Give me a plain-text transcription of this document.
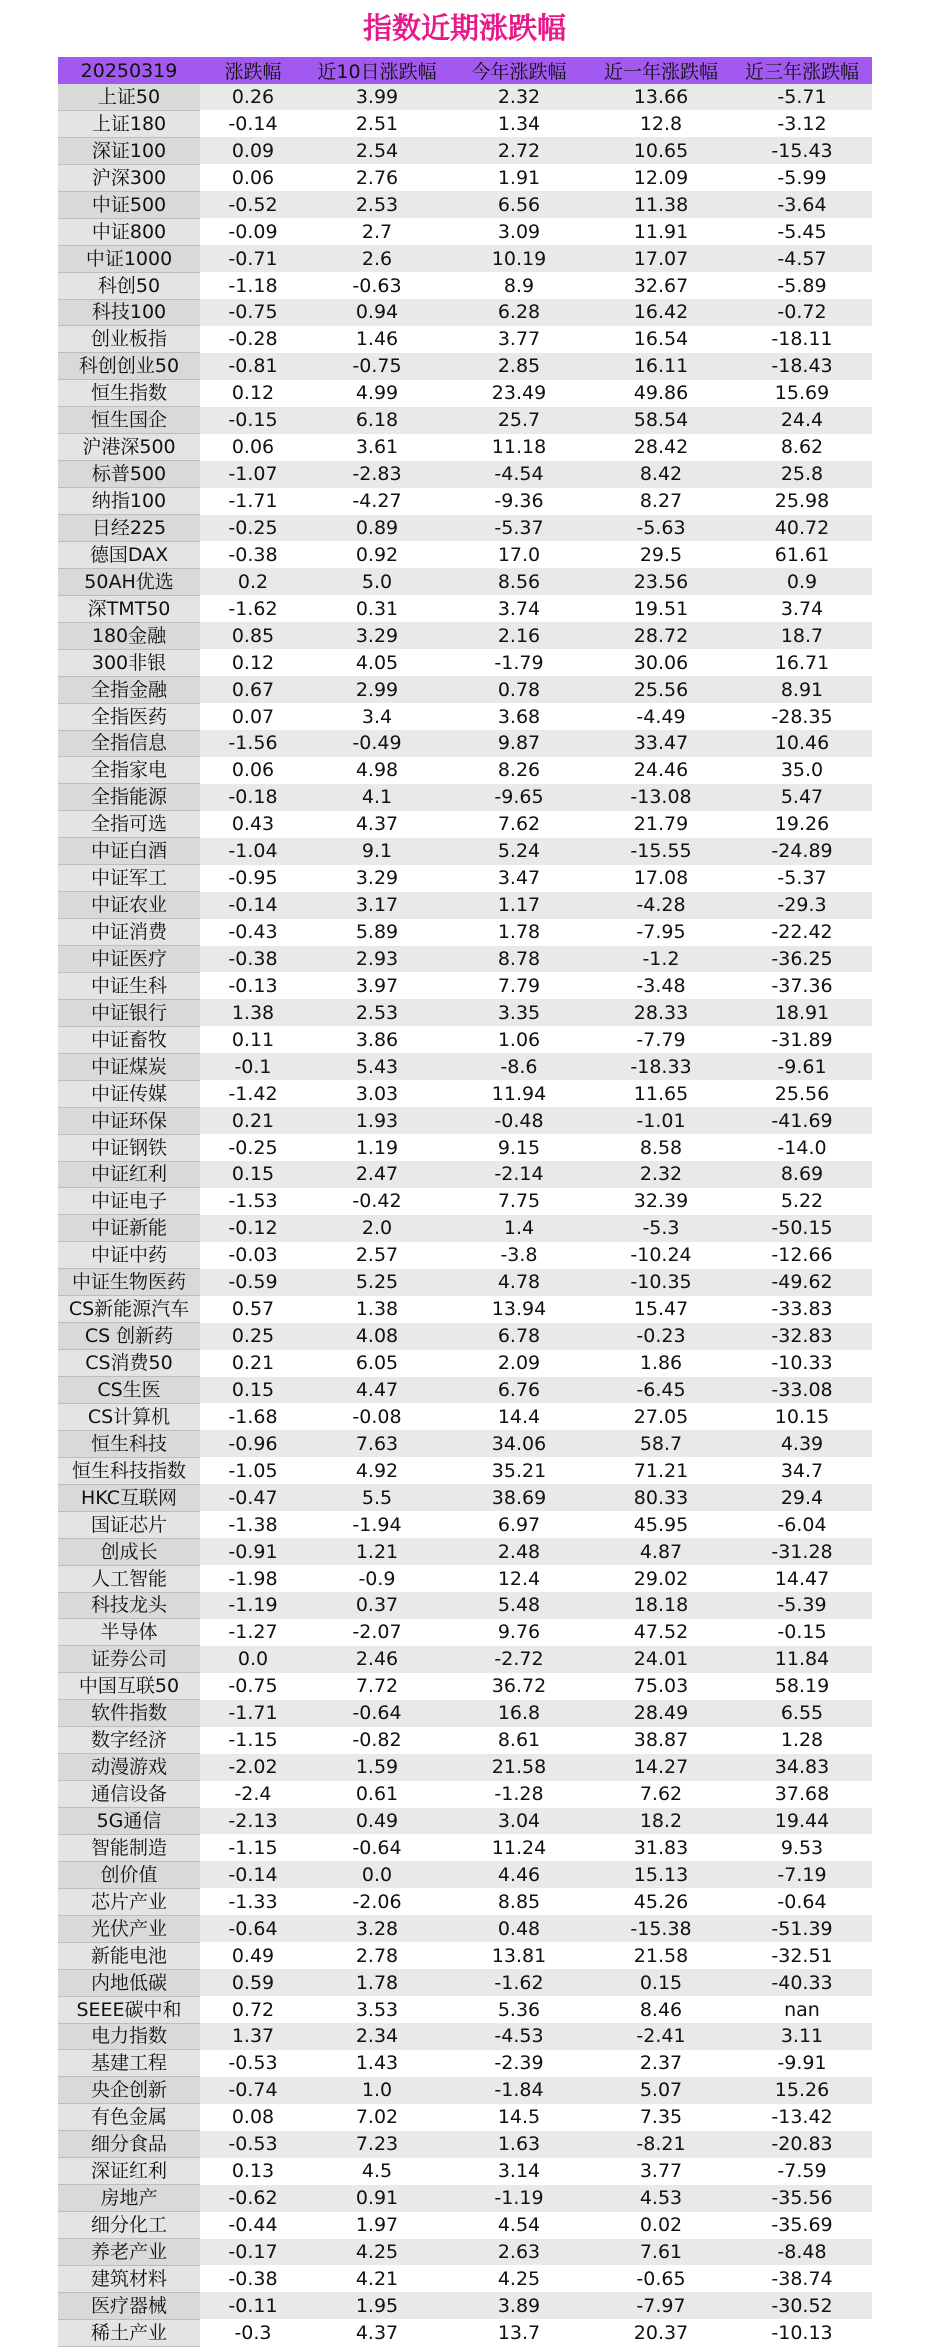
指数近期涨跌幅
20250319	涨跌幅	近10日涨跌幅	今年涨跌幅	近一年涨跌幅	近三年涨跌幅
上证50	0.26	3.99	2.32	13.66	-5.71
上证180	-0.14	2.51	1.34	12.8	-3.12
深证100	0.09	2.54	2.72	10.65	-15.43
沪深300	0.06	2.76	1.91	12.09	-5.99
中证500	-0.52	2.53	6.56	11.38	-3.64
中证800	-0.09	2.7	3.09	11.91	-5.45
中证1000	-0.71	2.6	10.19	17.07	-4.57
科创50	-1.18	-0.63	8.9	32.67	-5.89
科技100	-0.75	0.94	6.28	16.42	-0.72
创业板指	-0.28	1.46	3.77	16.54	-18.11
科创创业50	-0.81	-0.75	2.85	16.11	-18.43
恒生指数	0.12	4.99	23.49	49.86	15.69
恒生国企	-0.15	6.18	25.7	58.54	24.4
沪港深500	0.06	3.61	11.18	28.42	8.62
标普500	-1.07	-2.83	-4.54	8.42	25.8
纳指100	-1.71	-4.27	-9.36	8.27	25.98
日经225	-0.25	0.89	-5.37	-5.63	40.72
德国DAX	-0.38	0.92	17.0	29.5	61.61
50AH优选	0.2	5.0	8.56	23.56	0.9
深TMT50	-1.62	0.31	3.74	19.51	3.74
180金融	0.85	3.29	2.16	28.72	18.7
300非银	0.12	4.05	-1.79	30.06	16.71
全指金融	0.67	2.99	0.78	25.56	8.91
全指医药	0.07	3.4	3.68	-4.49	-28.35
全指信息	-1.56	-0.49	9.87	33.47	10.46
全指家电	0.06	4.98	8.26	24.46	35.0
全指能源	-0.18	4.1	-9.65	-13.08	5.47
全指可选	0.43	4.37	7.62	21.79	19.26
中证白酒	-1.04	9.1	5.24	-15.55	-24.89
中证军工	-0.95	3.29	3.47	17.08	-5.37
中证农业	-0.14	3.17	1.17	-4.28	-29.3
中证消费	-0.43	5.89	1.78	-7.95	-22.42
中证医疗	-0.38	2.93	8.78	-1.2	-36.25
中证生科	-0.13	3.97	7.79	-3.48	-37.36
中证银行	1.38	2.53	3.35	28.33	18.91
中证畜牧	0.11	3.86	1.06	-7.79	-31.89
中证煤炭	-0.1	5.43	-8.6	-18.33	-9.61
中证传媒	-1.42	3.03	11.94	11.65	25.56
中证环保	0.21	1.93	-0.48	-1.01	-41.69
中证钢铁	-0.25	1.19	9.15	8.58	-14.0
中证红利	0.15	2.47	-2.14	2.32	8.69
中证电子	-1.53	-0.42	7.75	32.39	5.22
中证新能	-0.12	2.0	1.4	-5.3	-50.15
中证中药	-0.03	2.57	-3.8	-10.24	-12.66
中证生物医药	-0.59	5.25	4.78	-10.35	-49.62
CS新能源汽车	0.57	1.38	13.94	15.47	-33.83
CS 创新药	0.25	4.08	6.78	-0.23	-32.83
CS消费50	0.21	6.05	2.09	1.86	-10.33
CS生医	0.15	4.47	6.76	-6.45	-33.08
CS计算机	-1.68	-0.08	14.4	27.05	10.15
恒生科技	-0.96	7.63	34.06	58.7	4.39
恒生科技指数	-1.05	4.92	35.21	71.21	34.7
HKC互联网	-0.47	5.5	38.69	80.33	29.4
国证芯片	-1.38	-1.94	6.97	45.95	-6.04
创成长	-0.91	1.21	2.48	4.87	-31.28
人工智能	-1.98	-0.9	12.4	29.02	14.47
科技龙头	-1.19	0.37	5.48	18.18	-5.39
半导体	-1.27	-2.07	9.76	47.52	-0.15
证券公司	0.0	2.46	-2.72	24.01	11.84
中国互联50	-0.75	7.72	36.72	75.03	58.19
软件指数	-1.71	-0.64	16.8	28.49	6.55
数字经济	-1.15	-0.82	8.61	38.87	1.28
动漫游戏	-2.02	1.59	21.58	14.27	34.83
通信设备	-2.4	0.61	-1.28	7.62	37.68
5G通信	-2.13	0.49	3.04	18.2	19.44
智能制造	-1.15	-0.64	11.24	31.83	9.53
创价值	-0.14	0.0	4.46	15.13	-7.19
芯片产业	-1.33	-2.06	8.85	45.26	-0.64
光伏产业	-0.64	3.28	0.48	-15.38	-51.39
新能电池	0.49	2.78	13.81	21.58	-32.51
内地低碳	0.59	1.78	-1.62	0.15	-40.33
SEEE碳中和	0.72	3.53	5.36	8.46	nan
电力指数	1.37	2.34	-4.53	-2.41	3.11
基建工程	-0.53	1.43	-2.39	2.37	-9.91
央企创新	-0.74	1.0	-1.84	5.07	15.26
有色金属	0.08	7.02	14.5	7.35	-13.42
细分食品	-0.53	7.23	1.63	-8.21	-20.83
深证红利	0.13	4.5	3.14	3.77	-7.59
房地产	-0.62	0.91	-1.19	4.53	-35.56
细分化工	-0.44	1.97	4.54	0.02	-35.69
养老产业	-0.17	4.25	2.63	7.61	-8.48
建筑材料	-0.38	4.21	4.25	-0.65	-38.74
医疗器械	-0.11	1.95	3.89	-7.97	-30.52
稀土产业	-0.3	4.37	13.7	20.37	-10.13
